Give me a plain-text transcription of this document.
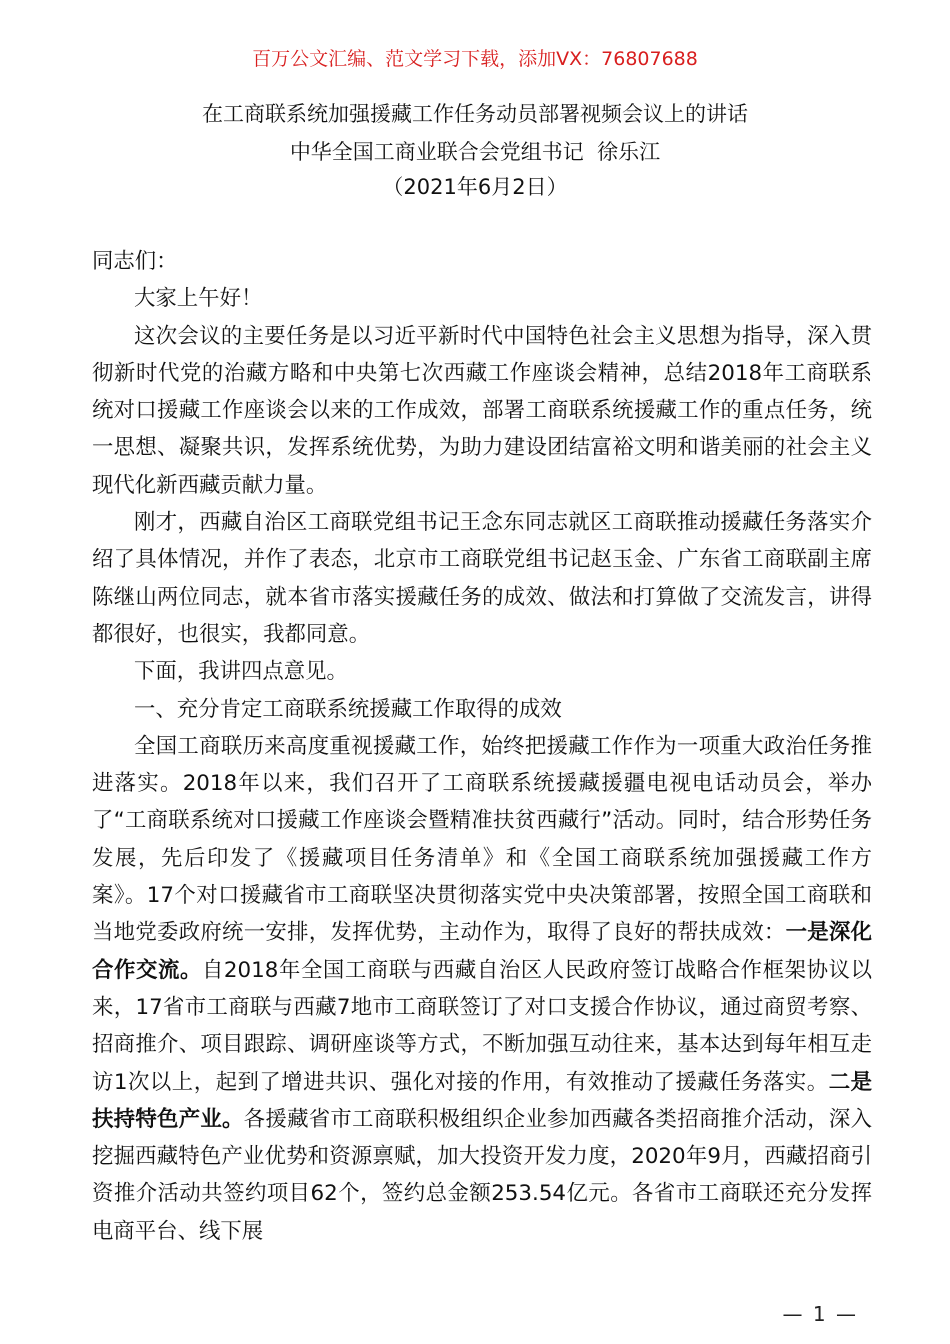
百万公文汇编、范文学习下载，添加VX：76807688
在工商联系统加强援藏工作任务动员部署视频会议上的讲话
中华全国工商业联合会党组书记  徐乐江
（2021年6月2日）

同志们：

大家上午好！

这次会议的主要任务是以习近平新时代中国特色社会主义思想为指导，深入贯彻新时代党的治藏方略和中央第七次西藏工作座谈会精神，总结2018年工商联系统对口援藏工作座谈会以来的工作成效，部署工商联系统援藏工作的重点任务，统一思想、凝聚共识，发挥系统优势，为助力建设团结富裕文明和谐美丽的社会主义现代化新西藏贡献力量。

刚才，西藏自治区工商联党组书记王念东同志就区工商联推动援藏任务落实介绍了具体情况，并作了表态，北京市工商联党组书记赵玉金、广东省工商联副主席陈继山两位同志，就本省市落实援藏任务的成效、做法和打算做了交流发言，讲得都很好，也很实，我都同意。

下面，我讲四点意见。

一、充分肯定工商联系统援藏工作取得的成效

全国工商联历来高度重视援藏工作，始终把援藏工作作为一项重大政治任务推进落实。2018年以来，我们召开了工商联系统援藏援疆电视电话动员会，举办了“工商联系统对口援藏工作座谈会暨精准扶贫西藏行”活动。同时，结合形势任务发展，先后印发了《援藏项目任务清单》和《全国工商联系统加强援藏工作方案》。17个对口援藏省市工商联坚决贯彻落实党中央决策部署，按照全国工商联和当地党委政府统一安排，发挥优势，主动作为，取得了良好的帮扶成效：一是深化合作交流。自2018年全国工商联与西藏自治区人民政府签订战略合作框架协议以来，17省市工商联与西藏7地市工商联签订了对口支援合作协议，通过商贸考察、招商推介、项目跟踪、调研座谈等方式，不断加强互动往来，基本达到每年相互走访1次以上，起到了增进共识、强化对接的作用，有效推动了援藏任务落实。二是扶持特色产业。各援藏省市工商联积极组织企业参加西藏各类招商推介活动，深入挖掘西藏特色产业优势和资源禀赋，加大投资开发力度，2020年9月，西藏招商引资推介活动共签约项目62个，签约总金额253.54亿元。各省市工商联还充分发挥电商平台、线下展

— 1 —
